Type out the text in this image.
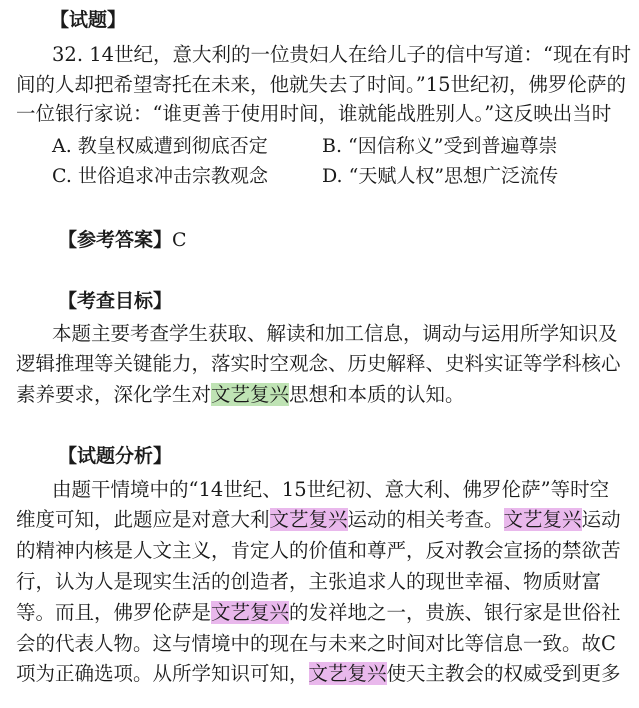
【试题】
32. 14世纪，意大利的一位贵妇人在给儿子的信中写道：“现在有时
间的人却把希望寄托在未来，他就失去了时间。”15世纪初，佛罗伦萨的
一位银行家说：“谁更善于使用时间，谁就能战胜别人。”这反映出当时
A. 教皇权威遭到彻底否定	B. “因信称义”受到普遍尊崇
C. 世俗追求冲击宗教观念	D. “天赋人权”思想广泛流传
【参考答案】C
【考查目标】
本题主要考查学生获取、解读和加工信息，调动与运用所学知识及
逻辑推理等关键能力，落实时空观念、历史解释、史料实证等学科核心
素养要求，深化学生对文艺复兴思想和本质的认知。
【试题分析】
由题干情境中的“14世纪、15世纪初、意大利、佛罗伦萨”等时空
维度可知，此题应是对意大利文艺复兴运动的相关考查。文艺复兴运动
的精神内核是人文主义，肯定人的价值和尊严，反对教会宣扬的禁欲苦
行，认为人是现实生活的创造者，主张追求人的现世幸福、物质财富
等。而且，佛罗伦萨是文艺复兴的发祥地之一，贵族、银行家是世俗社
会的代表人物。这与情境中的现在与未来之时间对比等信息一致。故C
项为正确选项。从所学知识可知，文艺复兴使天主教会的权威受到更多
